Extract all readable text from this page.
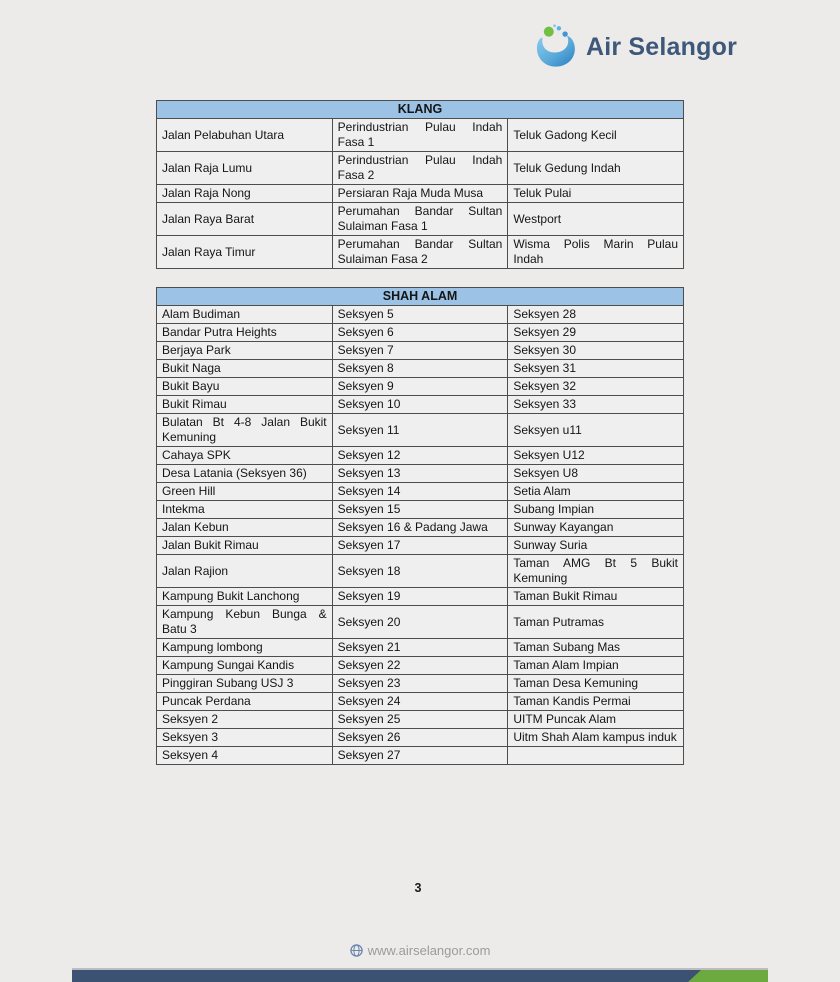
Air Selangor
KLANG		
Jalan Pelabuhan Utara	Perindustrian Pulau Indah Fasa 1	Teluk Gadong Kecil
Jalan Raja Lumu	Perindustrian Pulau Indah Fasa 2	Teluk Gedung Indah
Jalan Raja Nong	Persiaran Raja Muda Musa	Teluk Pulai
Jalan Raya Barat	Perumahan Bandar Sultan Sulaiman Fasa 1	Westport
Jalan Raya Timur	Perumahan Bandar Sultan Sulaiman Fasa 2	Wisma Polis Marin Pulau Indah
SHAH ALAM		
Alam Budiman	Seksyen 5	Seksyen 28
Bandar Putra Heights	Seksyen 6	Seksyen 29
Berjaya Park	Seksyen 7	Seksyen 30
Bukit Naga	Seksyen 8	Seksyen 31
Bukit Bayu	Seksyen 9	Seksyen 32
Bukit Rimau	Seksyen 10	Seksyen 33
Bulatan Bt 4-8 Jalan Bukit Kemuning	Seksyen 11	Seksyen u11
Cahaya SPK	Seksyen 12	Seksyen U12
Desa Latania (Seksyen 36)	Seksyen 13	Seksyen U8
Green Hill	Seksyen 14	Setia Alam
Intekma	Seksyen 15	Subang Impian
Jalan Kebun	Seksyen 16 & Padang Jawa	Sunway Kayangan
Jalan Bukit Rimau	Seksyen 17	Sunway Suria
Jalan Rajion	Seksyen 18	Taman AMG Bt 5 Bukit Kemuning
Kampung Bukit Lanchong	Seksyen 19	Taman Bukit Rimau
Kampung Kebun Bunga & Batu 3	Seksyen 20	Taman Putramas
Kampung lombong	Seksyen 21	Taman Subang Mas
Kampung Sungai Kandis	Seksyen 22	Taman Alam Impian
Pinggiran Subang USJ 3	Seksyen 23	Taman Desa Kemuning
Puncak Perdana	Seksyen 24	Taman Kandis Permai
Seksyen 2	Seksyen 25	UITM Puncak Alam
Seksyen 3	Seksyen 26	Uitm Shah Alam kampus induk
Seksyen 4	Seksyen 27	
3
www.airselangor.com
